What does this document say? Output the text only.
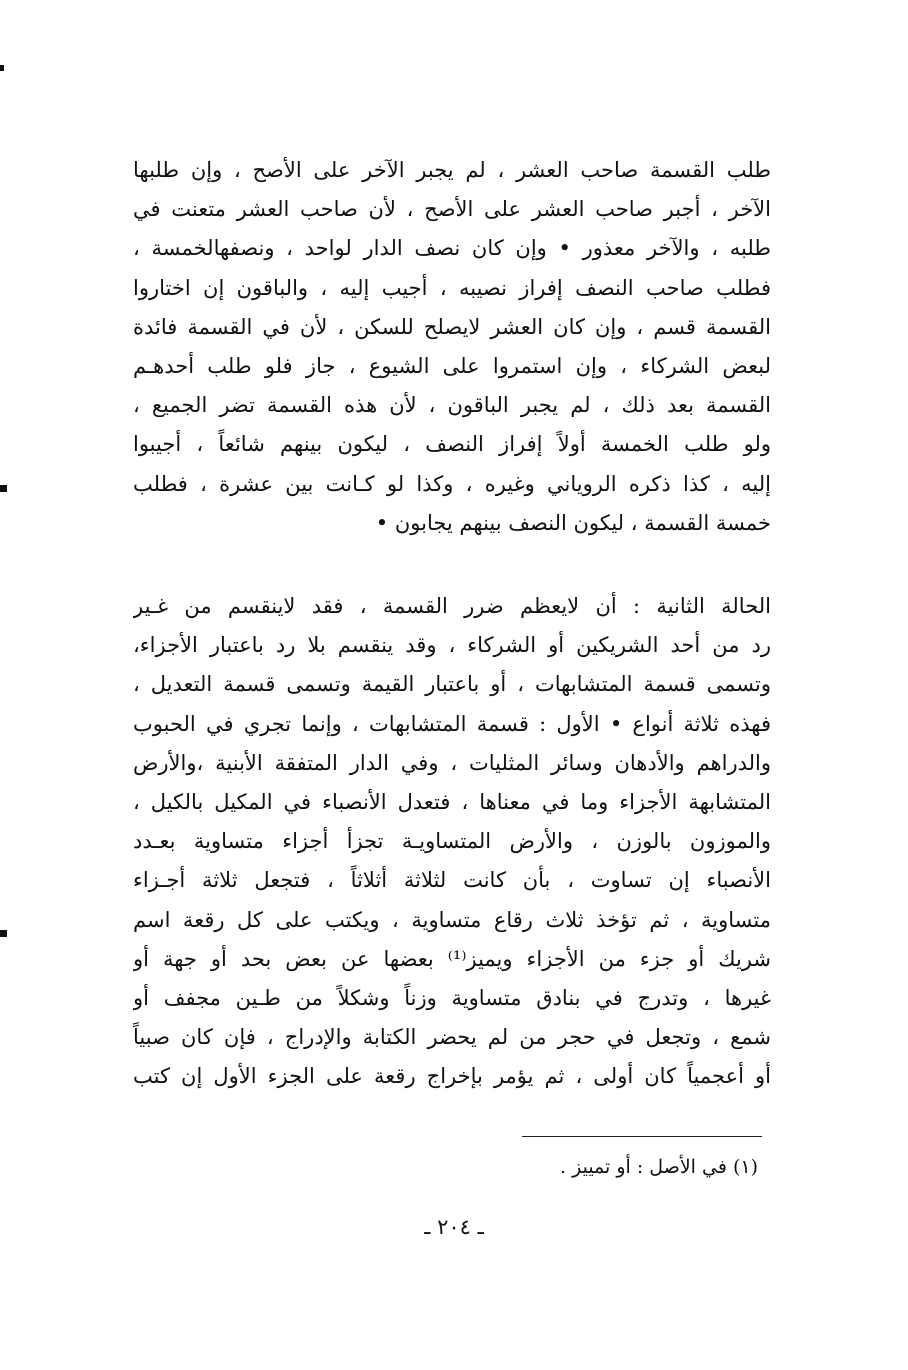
طلب القسمة صاحب العشر ، لم يجبر الآخر على الأصح ، وإن طلبها
الآخر ، أجبر صاحب العشر على الأصح ، لأن صاحب العشر متعنت في
طلبه ، والآخر معذور • وإن كان نصف الدار لواحد ، ونصفهالخمسة ،
فطلب صاحب النصف إفراز نصيبه ، أجيب إليه ، والباقون إن اختاروا
القسمة قسم ، وإن كان العشر لايصلح للسكن ، لأن في القسمة فائدة
لبعض الشركاء ، وإن استمروا على الشيوع ، جاز فلو طلب أحدهـم
القسمة بعد ذلك ، لم يجبر الباقون ، لأن هذه القسمة تضر الجميع ،
ولو طلب الخمسة أولاً إفراز النصف ، ليكون بينهم شائعاً ، أجيبوا
إليه ، كذا ذكره الروياني وغيره ، وكذا لو كـانت بين عشرة ، فطلب
خمسة القسمة ، ليكون النصف بينهم يجابون •
الحالة الثانية : أن لايعظم ضرر القسمة ، فقد لاينقسم من غـير
رد من أحد الشريكين أو الشركاء ، وقد ينقسم بلا رد باعتبار الأجزاء،
وتسمى قسمة المتشابهات ، أو باعتبار القيمة وتسمى قسمة التعديل ،
فهذه ثلاثة أنواع • الأول : قسمة المتشابهات ، وإنما تجري في الحبوب
والدراهم والأدهان وسائر المثليات ، وفي الدار المتفقة الأبنية ،والأرض
المتشابهة الأجزاء وما في معناها ، فتعدل الأنصباء في المكيل بالكيل ،
والموزون بالوزن ، والأرض المتساويـة تجزأ أجزاء متساوية بعـدد
الأنصباء إن تساوت ، بأن كانت لثلاثة أثلاثاً ، فتجعل ثلاثة أجـزاء
متساوية ، ثم تؤخذ ثلاث رقاع متساوية ، ويكتب على كل رقعة اسم
شريك أو جزء من الأجزاء ويميز⁽¹⁾ بعضها عن بعض بحد أو جهة أو
غيرها ، وتدرج في بنادق متساوية وزناً وشكلاً من طـين مجفف أو
شمع ، وتجعل في حجر من لم يحضر الكتابة والإدراج ، فإن كان صبياً
أو أعجمياً كان أولى ، ثم يؤمر بإخراج رقعة على الجزء الأول إن كتب
(١) في الأصل : أو تمييز .
ـ ٢٠٤ ـ
